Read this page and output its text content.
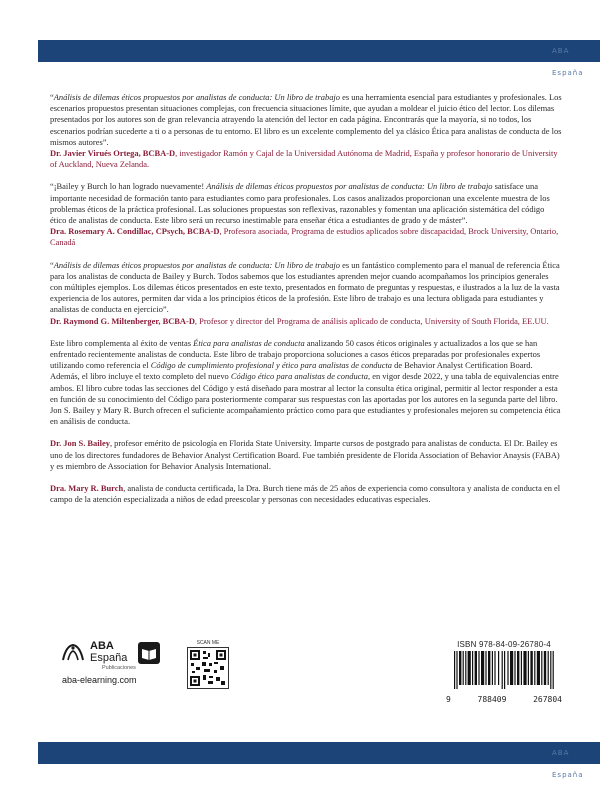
ABA España

“Análisis de dilemas éticos propuestos por analistas de conducta: Un libro de trabajo es una herramienta esencial para estudiantes y profesionales. Los escenarios propuestos presentan situaciones complejas, con frecuencia situaciones límite, que ayudan a moldear el juicio ético del lector. Los dilemas presentados por los autores son de gran relevancia atrayendo la atención del lector en cada página. Encontrarás que la mayoría, si no todos, los escenarios podrían sucederte a ti o a personas de tu entorno. El libro es un excelente complemento del ya clásico Ética para analistas de conducta de los mismos autores”.

Dr. Javier Virués Ortega, BCBA-D, investigador Ramón y Cajal de la Universidad Autónoma de Madrid, España y profesor honorario de University of Auckland, Nueva Zelanda.

“¡Bailey y Burch lo han logrado nuevamente! Análisis de dilemas éticos propuestos por analistas de conducta: Un libro de trabajo satisface una importante necesidad de formación tanto para estudiantes como para profesionales. Los casos analizados proporcionan una excelente muestra de los problemas éticos de la práctica profesional. Las soluciones propuestas son reflexivas, razonables y fomentan una aplicación sistemática del código ético de analistas de conducta. Este libro será un recurso inestimable para enseñar ética a estudiantes de grado y de máster”.

Dra. Rosemary A. Condillac, CPsych, BCBA-D, Profesora asociada, Programa de estudios aplicados sobre discapacidad, Brock University, Ontario, Canadá

“Análisis de dilemas éticos propuestos por analistas de conducta: Un libro de trabajo es un fantástico complemento para el manual de referencia Ética para los analistas de conducta de Bailey y Burch. Todos sabemos que los estudiantes aprenden mejor cuando acompañamos los principios generales con múltiples ejemplos. Los dilemas éticos presentados en este texto, presentados en formato de preguntas y respuestas, e ilustrados a la luz de la vasta experiencia de los autores, permiten dar vida a los principios éticos de la profesión. Este libro de trabajo es una lectura obligada para estudiantes y analistas de conducta en ejercicio”.

Dr. Raymond G. Miltenberger, BCBA-D, Profesor y director del Programa de análisis aplicado de conducta, University of South Florida, EE.UU.

Este libro complementa al éxito de ventas Ética para analistas de conducta analizando 50 casos éticos originales y actualizados a los que se han enfrentado recientemente analistas de conducta. Este libro de trabajo proporciona soluciones a casos éticos preparadas por profesionales expertos utilizando como referencia el Código de cumplimiento profesional y ético para analistas de conducta de Behavior Analyst Certification Board. Además, el libro incluye el texto completo del nuevo Código ético para analistas de conducta, en vigor desde 2022, y una tabla de equivalencias entre ambos. El libro cubre todas las secciones del Código y está diseñado para mostrar al lector la consulta ética original, permitir al lector responder a esta en función de su conocimiento del Código para posteriormente comparar sus respuestas con las aportadas por los autores en la segunda parte del libro. Jon S. Bailey y Mary R. Burch ofrecen el suficiente acompañamiento práctico como para que estudiantes y profesionales mejoren su competencia ética en análisis de conducta.

Dr. Jon S. Bailey, profesor emérito de psicología en Florida State University. Imparte cursos de postgrado para analistas de conducta. El Dr. Bailey es uno de los directores fundadores de Behavior Analyst Certification Board. Fue también presidente de Florida Association of Behavior Anaysis (FABA) y es miembro de Association for Behavior Analysis International.

Dra. Mary R. Burch, analista de conducta certificada, la Dra. Burch tiene más de 25 años de experiencia como consultora y analista de conducta en el campo de la atención especializada a niños de edad preescolar y personas con necesidades educativas especiales.

ABA España
Publicaciones
aba-elearning.com
SCAN ME	ISBN 978-84-09-26780-4
9	788409	267804
ABA España
